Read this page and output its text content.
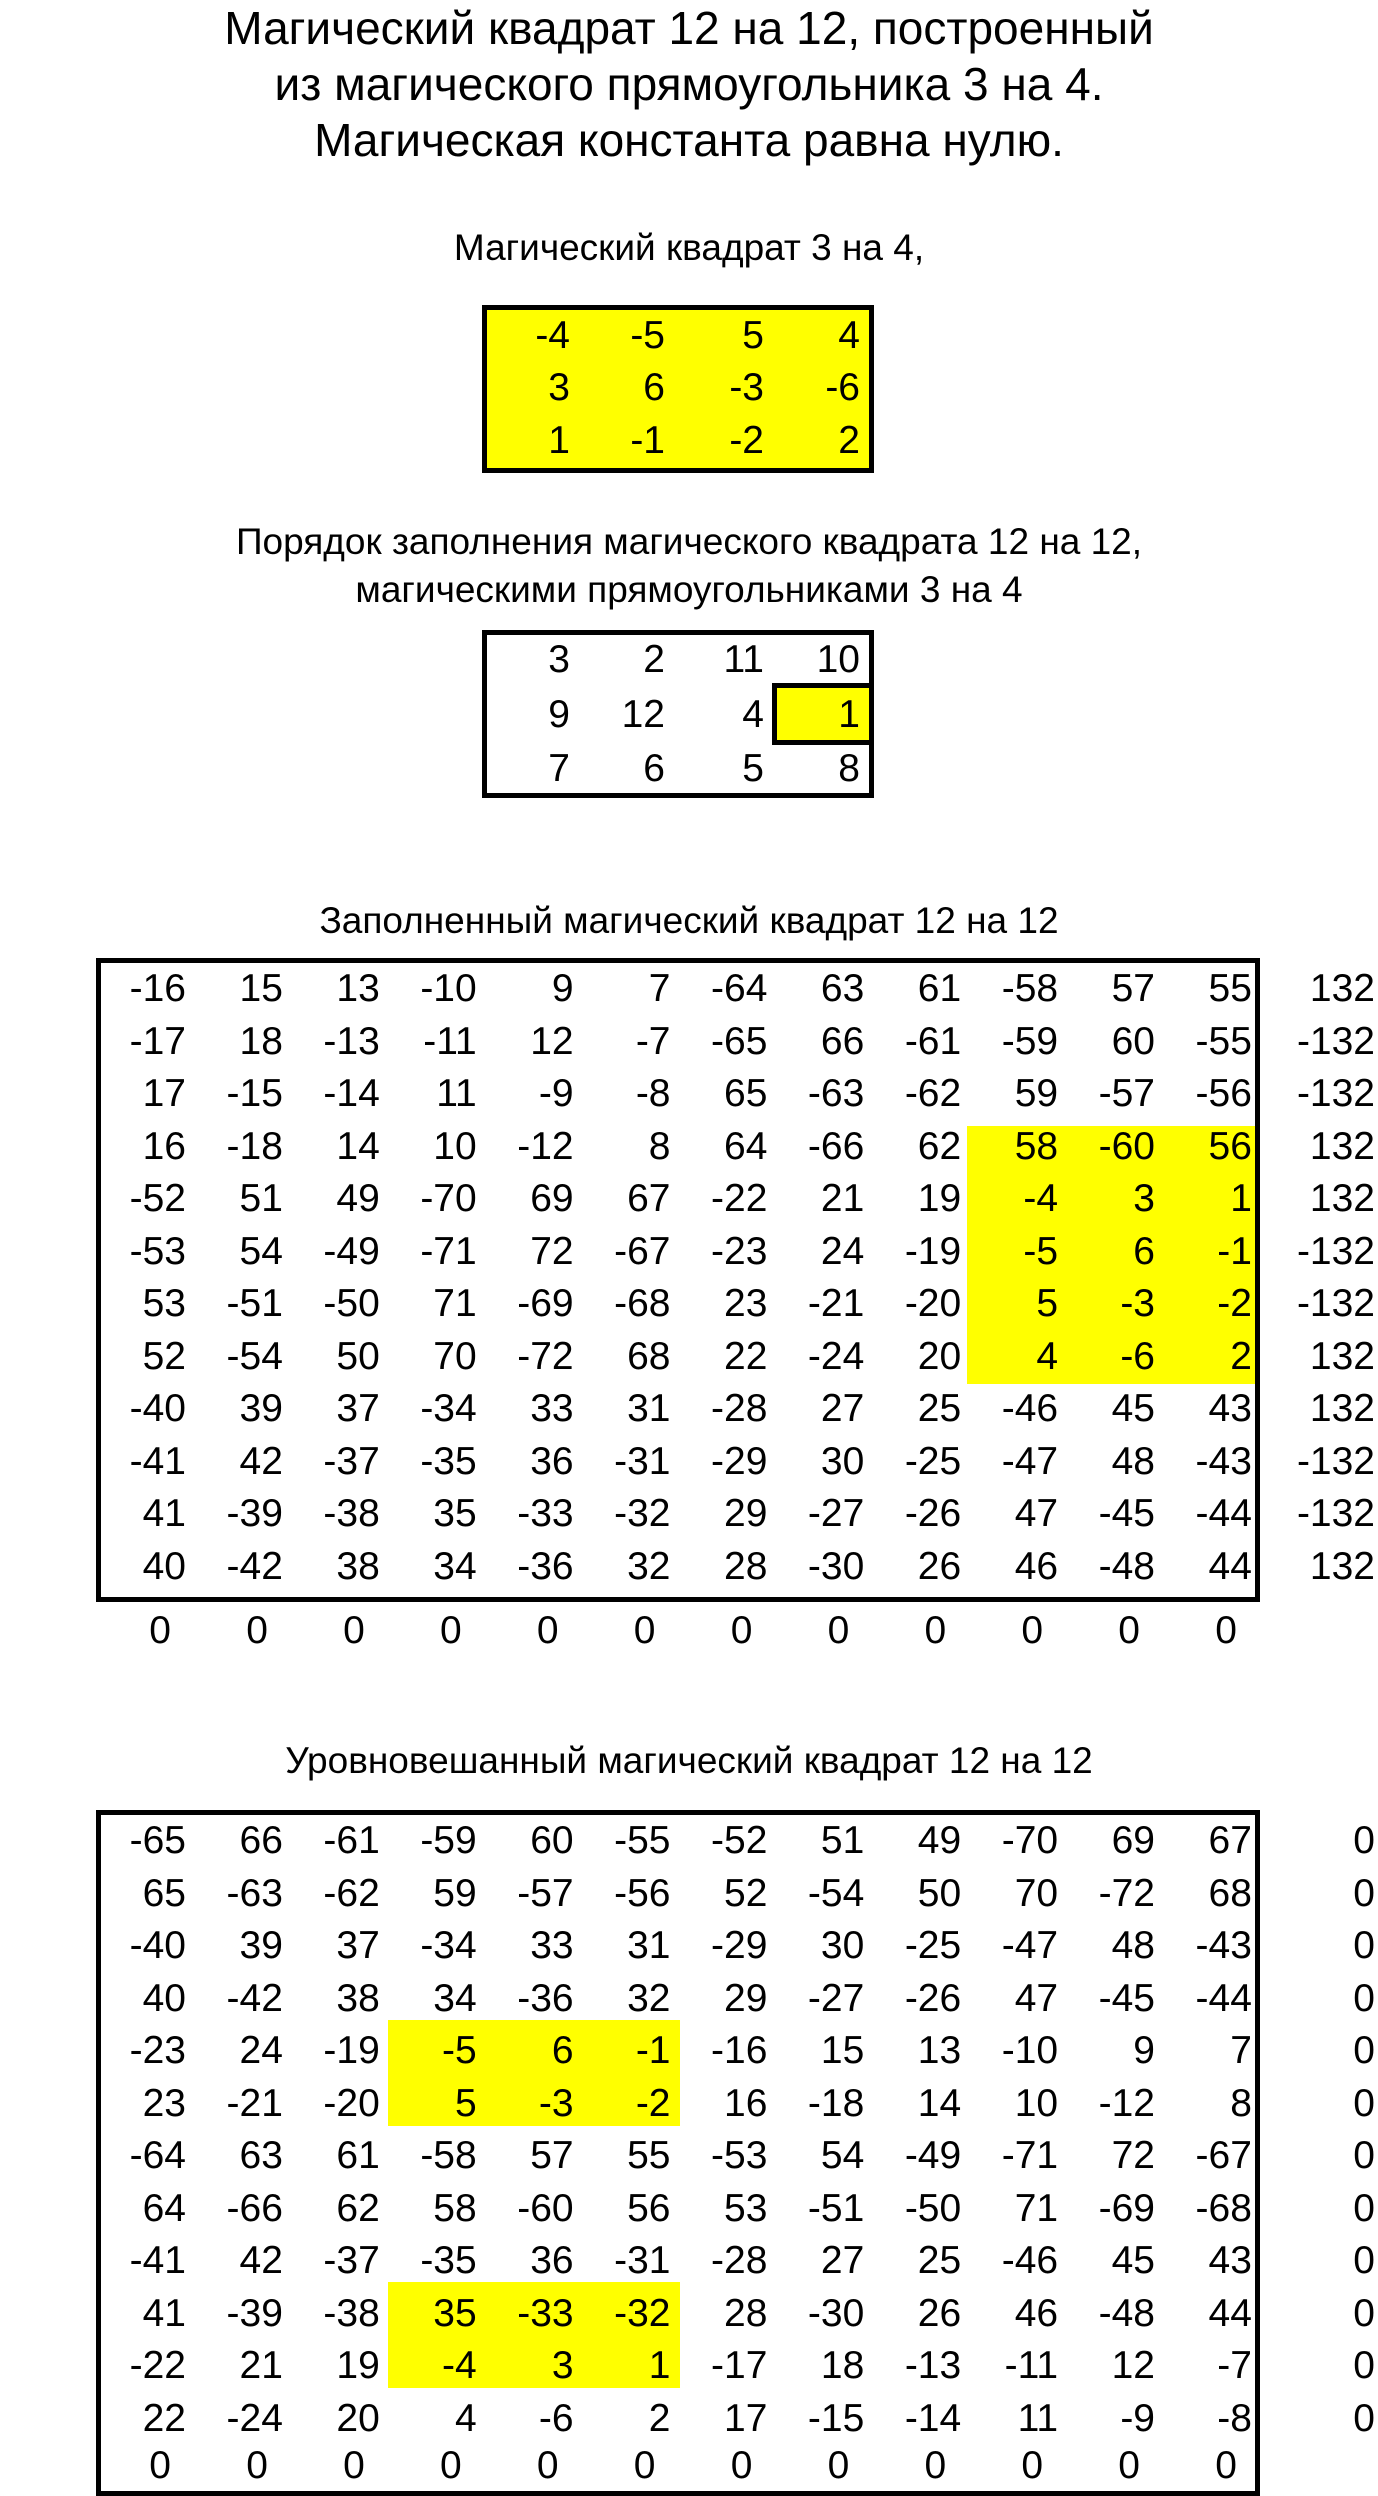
Магический квадрат 12 на 12, построенный
из магического прямоугольника 3 на 4.
Магическая константа равна нулю.
Магический квадрат 3 на 4,
Порядок заполнения магического квадрата 12 на 12,
магическими прямоугольниками 3 на 4
Заполненный магический квадрат 12 на 12
Уровновешанный магический квадрат 12 на 12
-4	-5	5	4
3	6	-3	-6
1	-1	-2	2
3	2	11	10
9	12	4	1
7	6	5	8
-16	15	13	-10	9	7	-64	63	61	-58	57	55	132
-17	18	-13	-11	12	-7	-65	66	-61	-59	60	-55	-132
17	-15	-14	11	-9	-8	65	-63	-62	59	-57	-56	-132
16	-18	14	10	-12	8	64	-66	62	58	-60	56	132
-52	51	49	-70	69	67	-22	21	19	-4	3	1	132
-53	54	-49	-71	72	-67	-23	24	-19	-5	6	-1	-132
53	-51	-50	71	-69	-68	23	-21	-20	5	-3	-2	-132
52	-54	50	70	-72	68	22	-24	20	4	-6	2	132
-40	39	37	-34	33	31	-28	27	25	-46	45	43	132
-41	42	-37	-35	36	-31	-29	30	-25	-47	48	-43	-132
41	-39	-38	35	-33	-32	29	-27	-26	47	-45	-44	-132
40	-42	38	34	-36	32	28	-30	26	46	-48	44	132
0	0	0	0	0	0	0	0	0	0	0	0
-65	66	-61	-59	60	-55	-52	51	49	-70	69	67	0
65	-63	-62	59	-57	-56	52	-54	50	70	-72	68	0
-40	39	37	-34	33	31	-29	30	-25	-47	48	-43	0
40	-42	38	34	-36	32	29	-27	-26	47	-45	-44	0
-23	24	-19	-5	6	-1	-16	15	13	-10	9	7	0
23	-21	-20	5	-3	-2	16	-18	14	10	-12	8	0
-64	63	61	-58	57	55	-53	54	-49	-71	72	-67	0
64	-66	62	58	-60	56	53	-51	-50	71	-69	-68	0
-41	42	-37	-35	36	-31	-28	27	25	-46	45	43	0
41	-39	-38	35	-33	-32	28	-30	26	46	-48	44	0
-22	21	19	-4	3	1	-17	18	-13	-11	12	-7	0
22	-24	20	4	-6	2	17	-15	-14	11	-9	-8	0
0	0	0	0	0	0	0	0	0	0	0	0
